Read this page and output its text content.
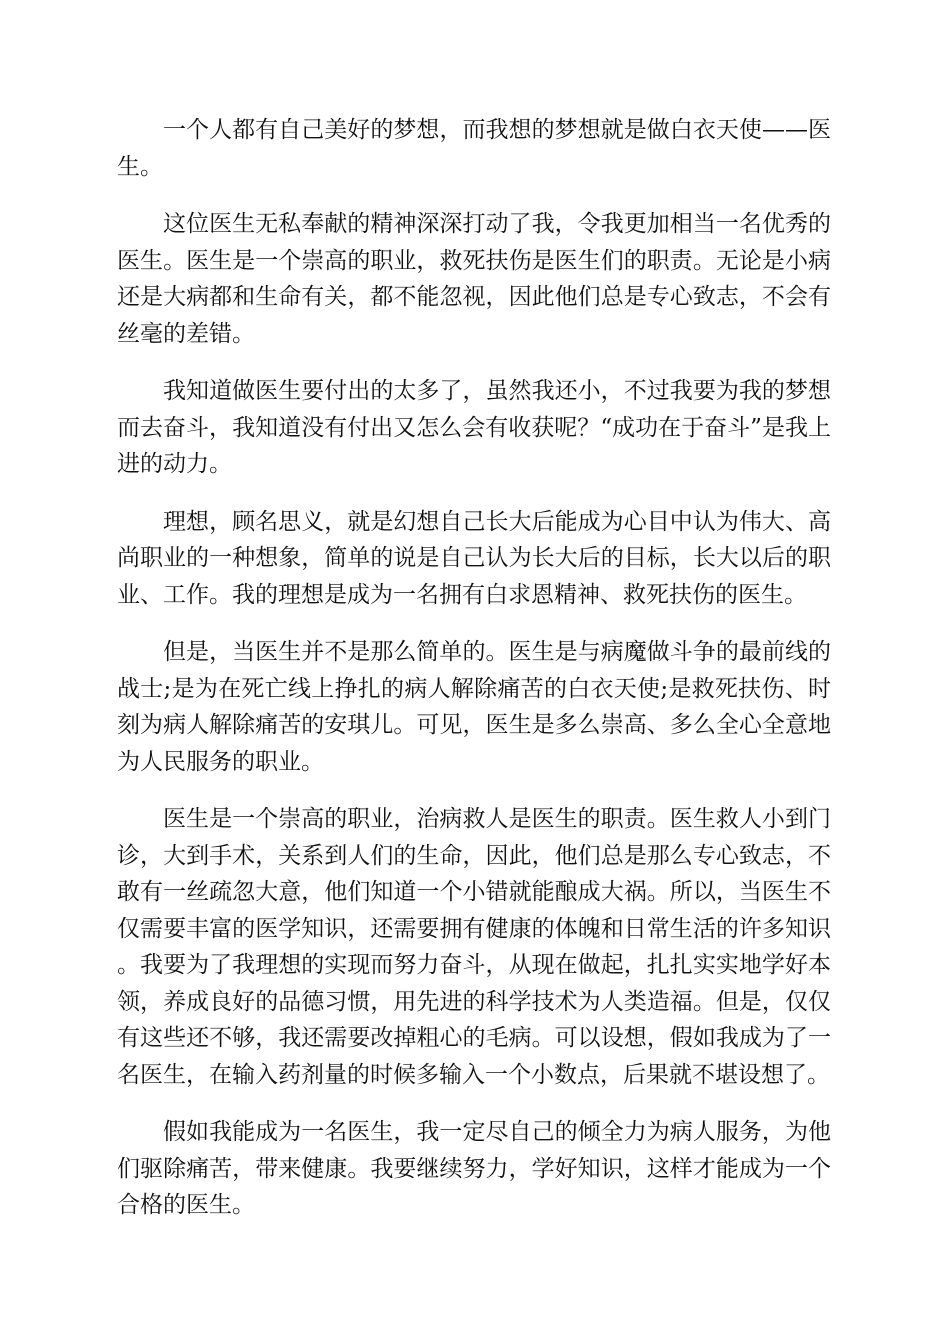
一个人都有自己美好的梦想，而我想的梦想就是做白衣天使——医生。

这位医生无私奉献的精神深深打动了我，令我更加相当一名优秀的医生。医生是一个崇高的职业，救死扶伤是医生们的职责。无论是小病还是大病都和生命有关，都不能忽视，因此他们总是专心致志，不会有丝毫的差错。

我知道做医生要付出的太多了，虽然我还小，不过我要为我的梦想而去奋斗，我知道没有付出又怎么会有收获呢？“成功在于奋斗”是我上进的动力。

理想，顾名思义，就是幻想自己长大后能成为心目中认为伟大、高尚职业的一种想象，简单的说是自己认为长大后的目标，长大以后的职业、工作。我的理想是成为一名拥有白求恩精神、救死扶伤的医生。

但是，当医生并不是那么简单的。医生是与病魔做斗争的最前线的战士;是为在死亡线上挣扎的病人解除痛苦的白衣天使;是救死扶伤、时刻为病人解除痛苦的安琪儿。可见，医生是多么崇高、多么全心全意地为人民服务的职业。

医生是一个崇高的职业，治病救人是医生的职责。医生救人小到门诊，大到手术，关系到人们的生命，因此，他们总是那么专心致志，不敢有一丝疏忽大意，他们知道一个小错就能酿成大祸。所以，当医生不仅需要丰富的医学知识，还需要拥有健康的体魄和日常生活的许多知识。我要为了我理想的实现而努力奋斗，从现在做起，扎扎实实地学好本领，养成良好的品德习惯，用先进的科学技术为人类造福。但是，仅仅有这些还不够，我还需要改掉粗心的毛病。可以设想，假如我成为了一名医生，在输入药剂量的时候多输入一个小数点，后果就不堪设想了。

假如我能成为一名医生，我一定尽自己的倾全力为病人服务，为他们驱除痛苦，带来健康。我要继续努力，学好知识，这样才能成为一个合格的医生。
